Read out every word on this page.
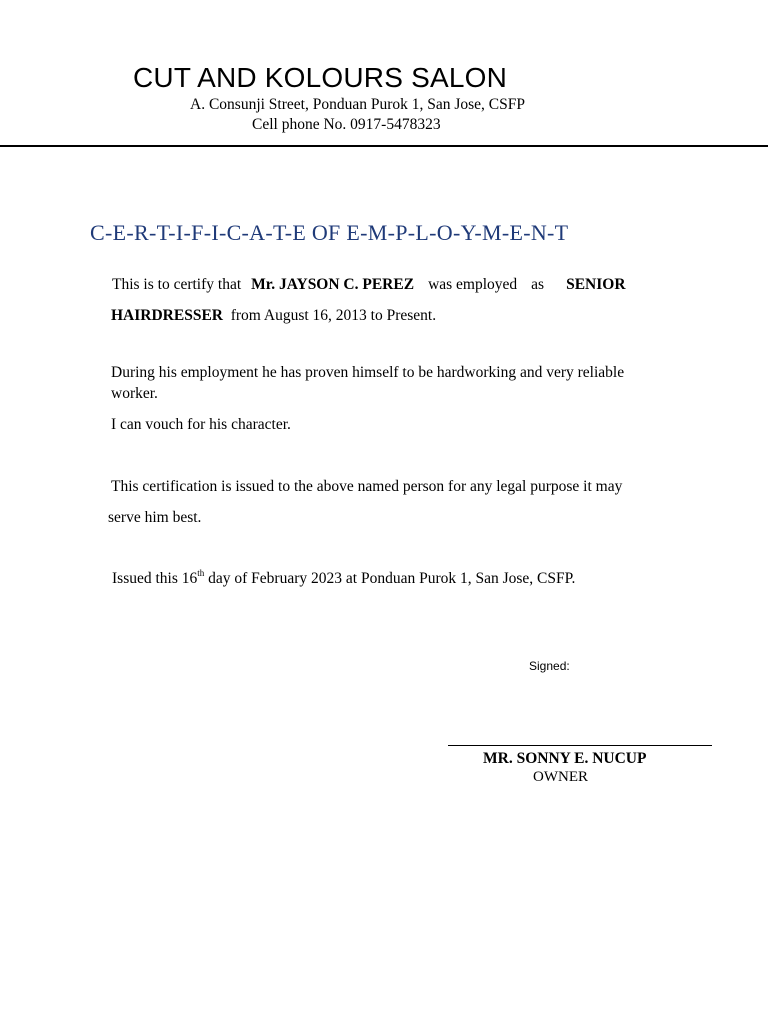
CUT AND KOLOURS SALON
A. Consunji Street, Ponduan Purok 1, San Jose, CSFP
Cell phone No. 0917-5478323
C-E-R-T-I-F-I-C-A-T-E OF E-M-P-L-O-Y-M-E-N-T
This is to certify that Mr. JAYSON C. PEREZ was employed as SENIOR
HAIRDRESSER from August 16, 2013 to Present.
During his employment he has proven himself to be hardworking and very reliable
worker.
I can vouch for his character.
This certification is issued to the above named person for any legal purpose it may
serve him best.
Issued this 16th day of February 2023 at Ponduan Purok 1, San Jose, CSFP.
Signed:
MR. SONNY E. NUCUP
OWNER
